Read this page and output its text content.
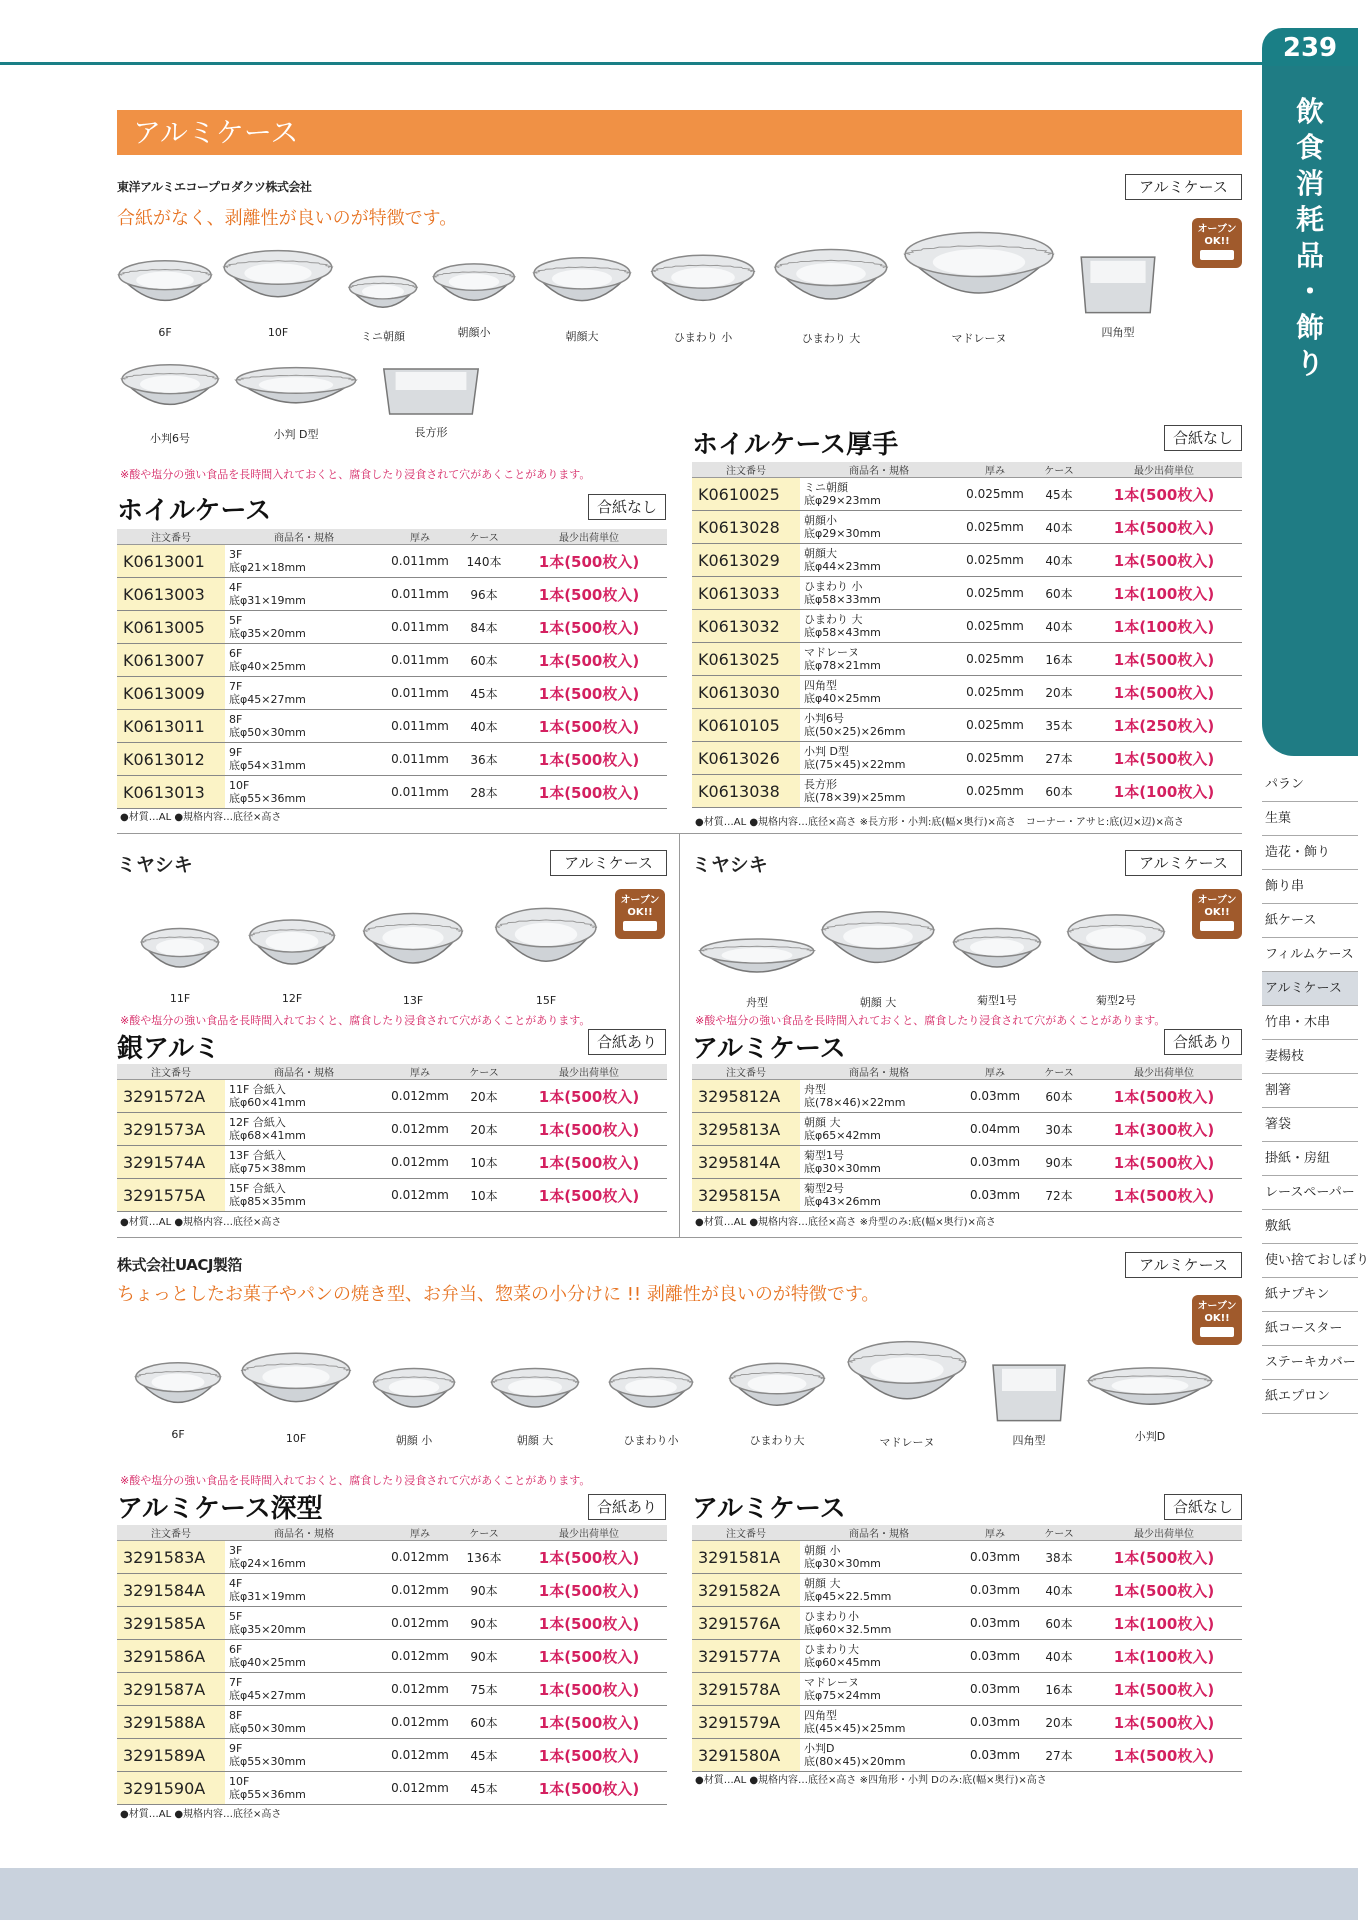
239
飲
食
消
耗
品
・
飾
り
パラン
生菓
造花・飾り
飾り串
紙ケース
フィルムケース
アルミケース
竹串・木串
妻楊枝
割箸
箸袋
掛紙・房紐
レースペーパー
敷紙
使い捨ておしぼり
紙ナプキン
紙コースター
ステーキカバー
紙エプロン
アルミケース
東洋アルミエコープロダクツ株式会社	アルミケース
合紙がなく、剥離性が良いのが特徴です。
オーブンOK!!
6F	10F	ミニ朝顔	朝顔小	朝顔大	ひまわり 小	ひまわり 大	マドレーヌ	四角型
小判6号	小判 D型	長方形
※酸や塩分の強い食品を長時間入れておくと、腐食したり浸食されて穴があくことがあります。
ホイルケース	合紙なし
注文番号	商品名・規格	厚み	ケース	最少出荷単位
K0613001	3F
底φ21×18mm	0.011mm	140本	1本(500枚入)
K0613003	4F
底φ31×19mm	0.011mm	96本	1本(500枚入)
K0613005	5F
底φ35×20mm	0.011mm	84本	1本(500枚入)
K0613007	6F
底φ40×25mm	0.011mm	60本	1本(500枚入)
K0613009	7F
底φ45×27mm	0.011mm	45本	1本(500枚入)
K0613011	8F
底φ50×30mm	0.011mm	40本	1本(500枚入)
K0613012	9F
底φ54×31mm	0.011mm	36本	1本(500枚入)
K0613013	10F
底φ55×36mm	0.011mm	28本	1本(500枚入)
●材質…AL ●規格内容…底径×高さ
ホイルケース厚手	合紙なし
注文番号	商品名・規格	厚み	ケース	最少出荷単位
K0610025	ミニ朝顔
底φ29×23mm	0.025mm	45本	1本(500枚入)
K0613028	朝顔小
底φ29×30mm	0.025mm	40本	1本(500枚入)
K0613029	朝顔大
底φ44×23mm	0.025mm	40本	1本(500枚入)
K0613033	ひまわり 小
底φ58×33mm	0.025mm	60本	1本(100枚入)
K0613032	ひまわり 大
底φ58×43mm	0.025mm	40本	1本(100枚入)
K0613025	マドレーヌ
底φ78×21mm	0.025mm	16本	1本(500枚入)
K0613030	四角型
底φ40×25mm	0.025mm	20本	1本(500枚入)
K0610105	小判6号
底(50×25)×26mm	0.025mm	35本	1本(250枚入)
K0613026	小判 D型
底(75×45)×22mm	0.025mm	27本	1本(500枚入)
K0613038	長方形
底(78×39)×25mm	0.025mm	60本	1本(100枚入)
●材質…AL ●規格内容…底径×高さ ※長方形・小判:底(幅×奥行)×高さ　コーナー・アサヒ:底(辺×辺)×高さ
ミヤシキ	アルミケース
オーブンOK!!
11F	12F	13F	15F
※酸や塩分の強い食品を長時間入れておくと、腐食したり浸食されて穴があくことがあります。
銀アルミ	合紙あり
注文番号	商品名・規格	厚み	ケース	最少出荷単位
3291572A	11F 合紙入
底φ60×41mm	0.012mm	20本	1本(500枚入)
3291573A	12F 合紙入
底φ68×41mm	0.012mm	20本	1本(500枚入)
3291574A	13F 合紙入
底φ75×38mm	0.012mm	10本	1本(500枚入)
3291575A	15F 合紙入
底φ85×35mm	0.012mm	10本	1本(500枚入)
●材質…AL ●規格内容…底径×高さ
ミヤシキ	アルミケース
オーブンOK!!
舟型	朝顔 大	菊型1号	菊型2号
※酸や塩分の強い食品を長時間入れておくと、腐食したり浸食されて穴があくことがあります。
アルミケース	合紙あり
注文番号	商品名・規格	厚み	ケース	最少出荷単位
3295812A	舟型
底(78×46)×22mm	0.03mm	60本	1本(500枚入)
3295813A	朝顔 大
底φ65×42mm	0.04mm	30本	1本(300枚入)
3295814A	菊型1号
底φ30×30mm	0.03mm	90本	1本(500枚入)
3295815A	菊型2号
底φ43×26mm	0.03mm	72本	1本(500枚入)
●材質…AL ●規格内容…底径×高さ ※舟型のみ:底(幅×奥行)×高さ
株式会社UACJ製箔	アルミケース
ちょっとしたお菓子やパンの焼き型、お弁当、惣菜の小分けに !! 剥離性が良いのが特徴です。
オーブンOK!!
6F	10F	朝顔 小	朝顔 大	ひまわり小	ひまわり大	マドレーヌ	四角型	小判D
※酸や塩分の強い食品を長時間入れておくと、腐食したり浸食されて穴があくことがあります。
アルミケース深型	合紙あり
注文番号	商品名・規格	厚み	ケース	最少出荷単位
3291583A	3F
底φ24×16mm	0.012mm	136本	1本(500枚入)
3291584A	4F
底φ31×19mm	0.012mm	90本	1本(500枚入)
3291585A	5F
底φ35×20mm	0.012mm	90本	1本(500枚入)
3291586A	6F
底φ40×25mm	0.012mm	90本	1本(500枚入)
3291587A	7F
底φ45×27mm	0.012mm	75本	1本(500枚入)
3291588A	8F
底φ50×30mm	0.012mm	60本	1本(500枚入)
3291589A	9F
底φ55×30mm	0.012mm	45本	1本(500枚入)
3291590A	10F
底φ55×36mm	0.012mm	45本	1本(500枚入)
●材質…AL ●規格内容…底径×高さ
アルミケース	合紙なし
注文番号	商品名・規格	厚み	ケース	最少出荷単位
3291581A	朝顔 小
底φ30×30mm	0.03mm	38本	1本(500枚入)
3291582A	朝顔 大
底φ45×22.5mm	0.03mm	40本	1本(500枚入)
3291576A	ひまわり小
底φ60×32.5mm	0.03mm	60本	1本(100枚入)
3291577A	ひまわり大
底φ60×45mm	0.03mm	40本	1本(100枚入)
3291578A	マドレーヌ
底φ75×24mm	0.03mm	16本	1本(500枚入)
3291579A	四角型
底(45×45)×25mm	0.03mm	20本	1本(500枚入)
3291580A	小判D
底(80×45)×20mm	0.03mm	27本	1本(500枚入)
●材質…AL ●規格内容…底径×高さ ※四角形・小判 Dのみ:底(幅×奥行)×高さ
